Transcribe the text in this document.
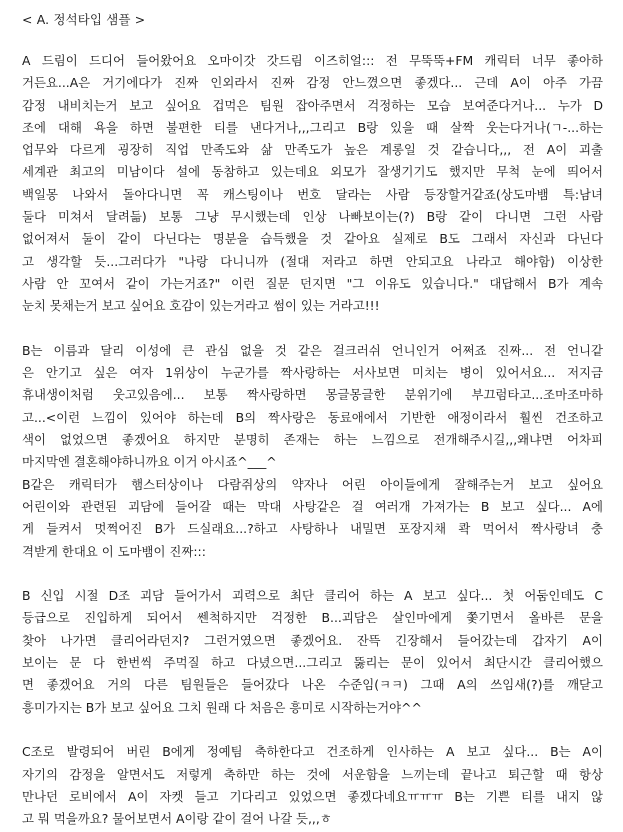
< A. 정석타입 샘플 >
A 드림이 드디어 들어왔어요 오마이갓 갓드림 이즈히얼::: 전 무뚝뚝+FM 캐릭터 너무 좋아하
거든요...A은 거기에다가 진짜 인외라서 진짜 감정 안느꼈으면 좋겠다... 근데 A이 아주 가끔
감정 내비치는거 보고 싶어요 겁먹은 팀원 잡아주면서 걱정하는 모습 보여준다거나... 누가 D
조에 대해 욕을 하면 불편한 티를 낸다거나,,,그리고 B랑 있을 때 살짝 웃는다거나(ㄱ-...하는
업무와 다르게 굉장히 직업 만족도와 삶 만족도가 높은 계롱일 것 같습니다,,, 전 A이 괴출
세계관 최고의 미남이다 설에 동참하고 있는데요 외모가 잘생기기도 했지만 무척 눈에 띄어서
백일몽 나와서 돌아다니면 꼭 캐스팅이나 번호 달라는 사람 등장할거같죠(상도마뱀 특:남녀
둘다 미쳐서 달려듦) 보통 그냥 무시했는데 인상 나빠보이는(?) B랑 같이 다니면 그런 사람
없어져서 둘이 같이 다닌다는 명분을 습득했을 것 같아요 실제로 B도 그래서 자신과 다닌다
고 생각할 듯...그러다가 "나랑 다니니까 (절대 저라고 하면 안되고요 나라고 해야함) 이상한
사람 안 꼬여서 같이 가는거죠?" 이런 질문 던지면 "그 이유도 있습니다." 대답해서 B가 계속
눈치 못채는거 보고 싶어요 호감이 있는거라고 썸이 있는 거라고!!!
B는 이름과 달리 이성에 큰 관심 없을 것 같은 걸크러쉬 언니인거 어쩌죠 진짜... 전 언니같
은 안기고 싶은 여자 1위상이 누군가를 짝사랑하는 서사보면 미치는 병이 있어서요... 저지금
휴내생이처럼 웃고있음에... 보통 짝사랑하면 몽글몽글한 분위기에 부끄럼타고...조마조마하
고...<이런 느낌이 있어야 하는데 B의 짝사랑은 동료애에서 기반한 애정이라서 훨씬 건조하고
색이 없었으면 좋겠어요 하지만 분명히 존재는 하는 느낌으로 전개해주시길,,,왜냐면 어차피
마지막엔 결혼해야하니까요 이거 아시죠^___^
B같은 캐릭터가 햄스터상이나 다람쥐상의 약자나 어린 아이들에게 잘해주는거 보고 싶어요
어린이와 관련된 괴담에 들어갈 때는 막대 사탕같은 걸 여러개 가져가는 B 보고 싶다... A에
게 들켜서 멋쩍어진 B가 드실래요...?하고 사탕하나 내밀면 포장지채 콱 먹어서 짝사랑녀 충
격받게 한대요 이 도마뱀이 진짜:::
B 신입 시절 D조 괴담 들어가서 괴력으로 최단 클리어 하는 A 보고 싶다... 첫 어둠인데도 C
등급으로 진입하게 되어서 쎈척하지만 걱정한 B...괴담은 살인마에게 쫓기면서 올바른 문을
찾아 나가면 클리어라던지? 그런거였으면 좋겠어요. 잔뜩 긴장해서 들어갔는데 갑자기 A이
보이는 문 다 한번씩 주먹질 하고 다녔으면...그리고 뚫리는 문이 있어서 최단시간 클리어했으
면 좋겠어요 거의 다른 팀원들은 들어갔다 나온 수준임(ㅋㅋ) 그때 A의 쓰임새(?)를 깨닫고
흥미가지는 B가 보고 싶어요 그치 원래 다 처음은 흥미로 시작하는거야^^
C조로 발령되어 버린 B에게 정예팀 축하한다고 건조하게 인사하는 A 보고 싶다... B는 A이
자기의 감정을 알면서도 저렇게 축하만 하는 것에 서운함을 느끼는데 끝나고 퇴근할 때 항상
만나던 로비에서 A이 자켓 들고 기다리고 있었으면 좋겠다네요ㅠㅠㅠ B는 기쁜 티를 내지 않
고 뭐 먹을까요? 물어보면서 A이랑 같이 걸어 나갈 듯,,,ㅎ
